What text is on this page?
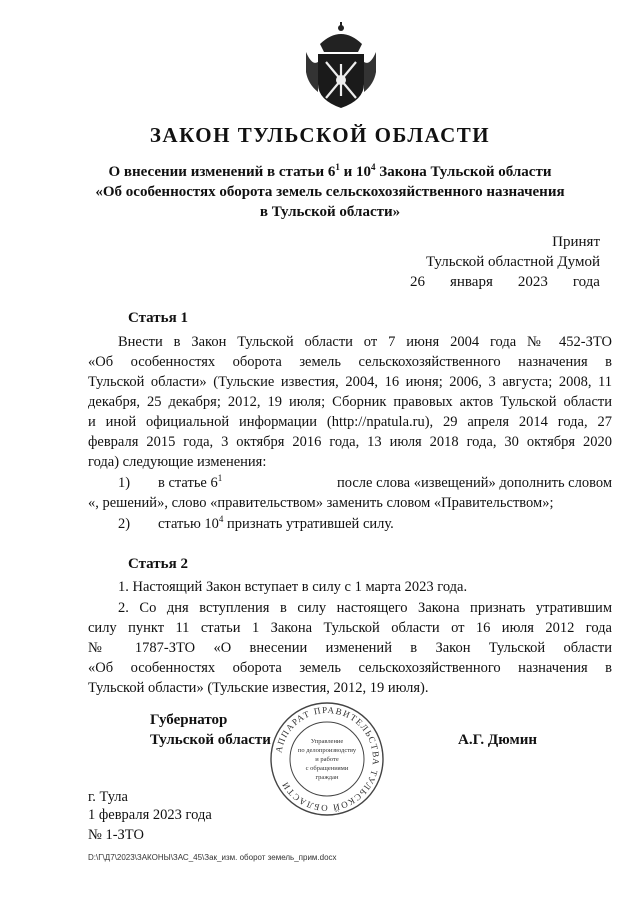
ЗАКОН ТУЛЬСКОЙ ОБЛАСТИ
О внесении изменений в статьи $6^1$ и $10^4$ Закона Тульской области
«Об особенностях оборота земель сельскохозяйственного назначения
в Тульской области»
Принят
Тульской областной Думой
26 января 2023 года
Статья 1
Внести в Закон Тульской области от 7 июня 2004 года № 452-ЗТО
«Об особенностях оборота земель сельскохозяйственного назначения в
Тульской области» (Тульские известия, 2004, 16 июня; 2006, 3 августа; 2008, 11
декабря, 25 декабря; 2012, 19 июля; Сборник правовых актов Тульской области
и иной официальной информации (http://npatula.ru), 29 апреля 2014 года, 27
февраля 2015 года, 3 октября 2016 года, 13 июля 2018 года, 30 октября 2020
года) следующие изменения:
1)	в статье $6^1$	после слова «извещений» дополнить словом
«, решений», слово «правительством» заменить словом «Правительством»;
2) статью $10^4$ признать утратившей силу.
Статья 2
1. Настоящий Закон вступает в силу с 1 марта 2023 года.
2. Со дня вступления в силу настоящего Закона признать утратившим
силу пункт 11 статьи 1 Закона Тульской области от 16 июля 2012 года
№ 1787-ЗТО «О внесении изменений в Закон Тульской области
«Об особенностях оборота земель сельскохозяйственного назначения в
Тульской области» (Тульские известия, 2012, 19 июля).
Губернатор
Тульской области	А.Г. Дюмин
АППАРАТ ПРАВИТЕЛЬСТВА ТУЛЬСКОЙ ОБЛАСТИ
Управление
по делопроизводству
и работе
с обращениями
граждан
г. Тула
1 февраля 2023 года
№ 1-ЗТО
D:\Г\Д7\2023\ЗАКОНЫ\ЗАС_45\Зак_изм. оборот земель_прим.docx
